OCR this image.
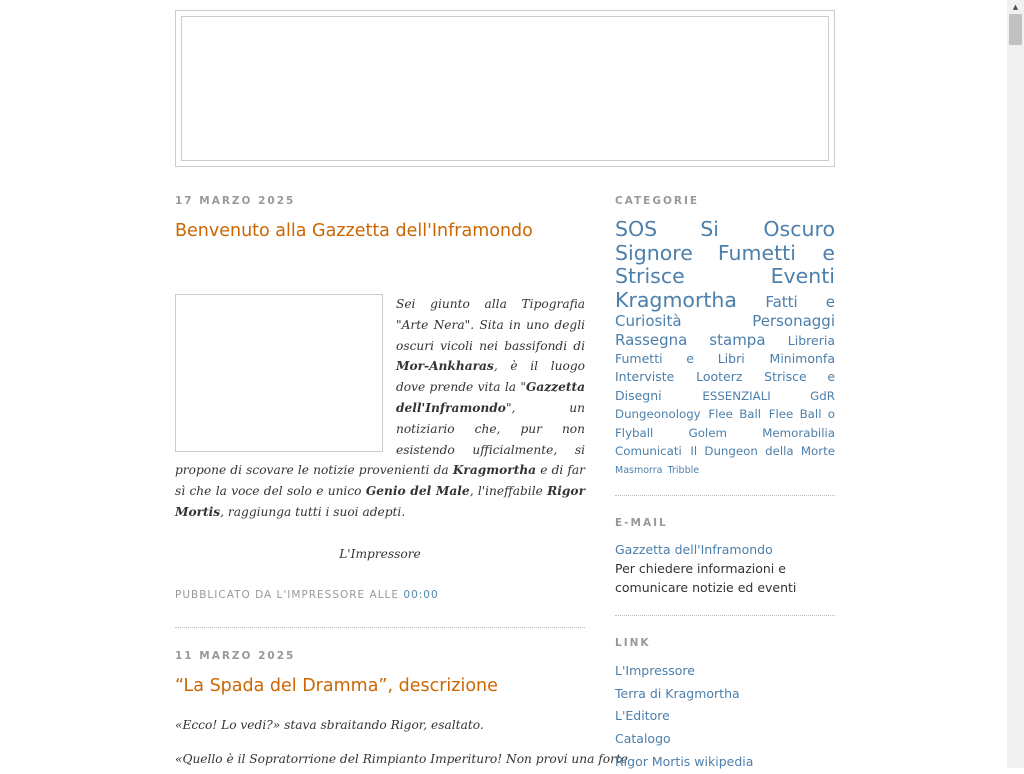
17 MARZO 2025
Benvenuto alla Gazzetta dell'Inframondo
Sei giunto alla Tipografia "Arte Nera". Sita in uno degli oscuri vicoli nei bassifondi di Mor-Ankharas, è il luogo dove prende vita la "Gazzetta dell'Inframondo", un notiziario che, pur non esistendo ufficialmente, si propone di scovare le notizie provenienti da Kragmortha e di far sì che la voce del solo e unico Genio del Male, l'ineffabile Rigor Mortis, raggiunga tutti i suoi adepti.
L'Impressore
PUBBLICATO DA L'IMPRESSORE ALLE 00:00
11 MARZO 2025
“La Spada del Dramma”, descrizione

«Ecco! Lo vedi?» stava sbraitando Rigor, esaltato.

«Quello è il Sopratorrione del Rimpianto Imperituro! Non provi una forte

CATEGORIE
SOS Si Oscuro Signore Fumetti e Strisce	Eventi Kragmortha Fatti e Curiosità	Personaggi Rassegna stampa Libreria Fumetti e Libri Minimonfa Interviste Looterz Strisce e Disegni	ESSENZIALI GdR Dungeonology Flee Ball Flee Ball o Flyball	Golem	Memorabilia Comunicati Il Dungeon della Morte Masmorra Tribble
E-MAIL
Gazzetta dell'Inframondo
Per chiedere informazioni e comunicare notizie ed eventi
LINK
L'Impressore
Terra di Kragmortha
L'Editore
Catalogo
Rigor Mortis wikipedia
▲
